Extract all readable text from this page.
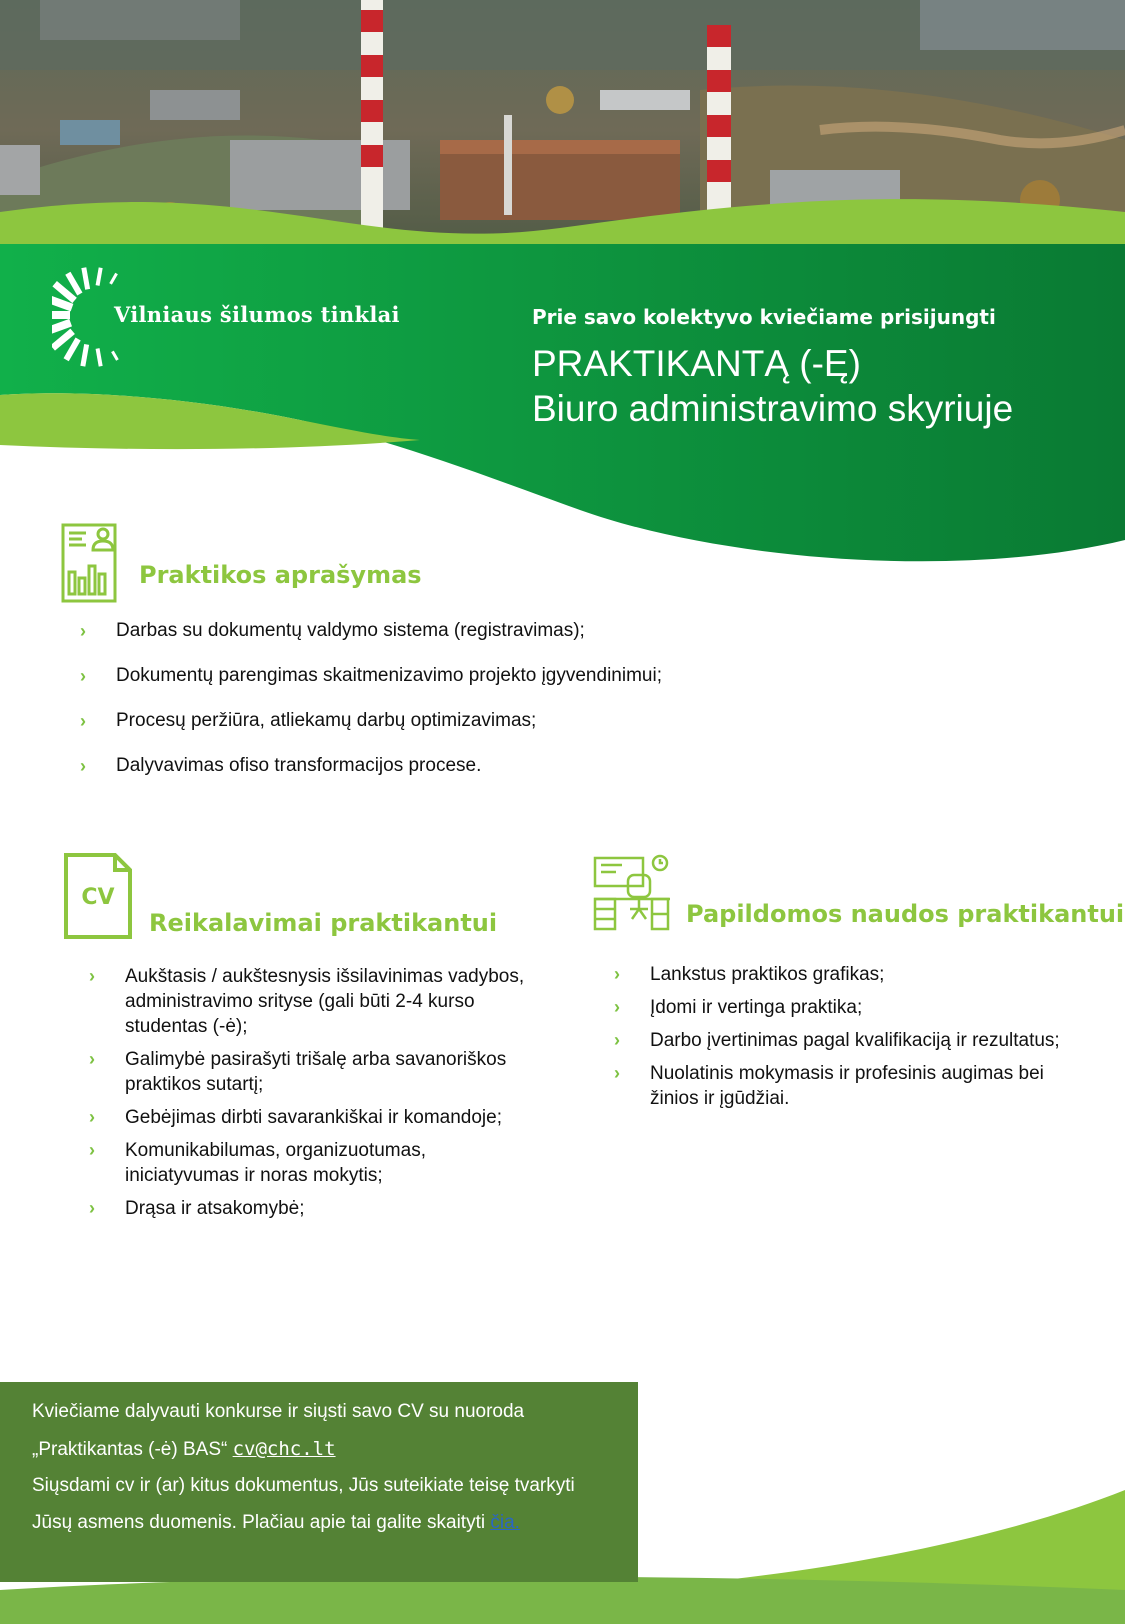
Vilniaus šilumos tinklai	Prie savo kolektyvo kviečiame prisijungti
PRAKTIKANTĄ (-Ę)
Biuro administravimo skyriuje
Praktikos aprašymas
› Darbas su dokumentų valdymo sistema (registravimas);
› Dokumentų parengimas skaitmenizavimo projekto įgyvendinimui;
› Procesų peržiūra, atliekamų darbų optimizavimas;
› Dalyvavimas ofiso transformacijos procese.
CV
Reikalavimai praktikantui
› Aukštasis / aukštesnysis išsilavinimas vadybos, administravimo srityse (gali būti 2-4 kurso studentas (-ė);
› Galimybė pasirašyti trišalę arba savanoriškos praktikos sutartį;
› Gebėjimas dirbti savarankiškai ir komandoje;
› Komunikabilumas, organizuotumas, iniciatyvumas ir noras mokytis;
› Drąsa ir atsakomybė;
Papildomos naudos praktikantui
› Lankstus praktikos grafikas;
› Įdomi ir vertinga praktika;
› Darbo įvertinimas pagal kvalifikaciją ir rezultatus;
› Nuolatinis mokymasis ir profesinis augimas bei žinios ir įgūdžiai.
Kviečiame dalyvauti konkurse ir siųsti savo CV su nuoroda
„Praktikantas (-ė) BAS“ cv@chc.lt
Siųsdami cv ir (ar) kitus dokumentus, Jūs suteikiate teisę tvarkyti
Jūsų asmens duomenis. Plačiau apie tai galite skaityti čia.
